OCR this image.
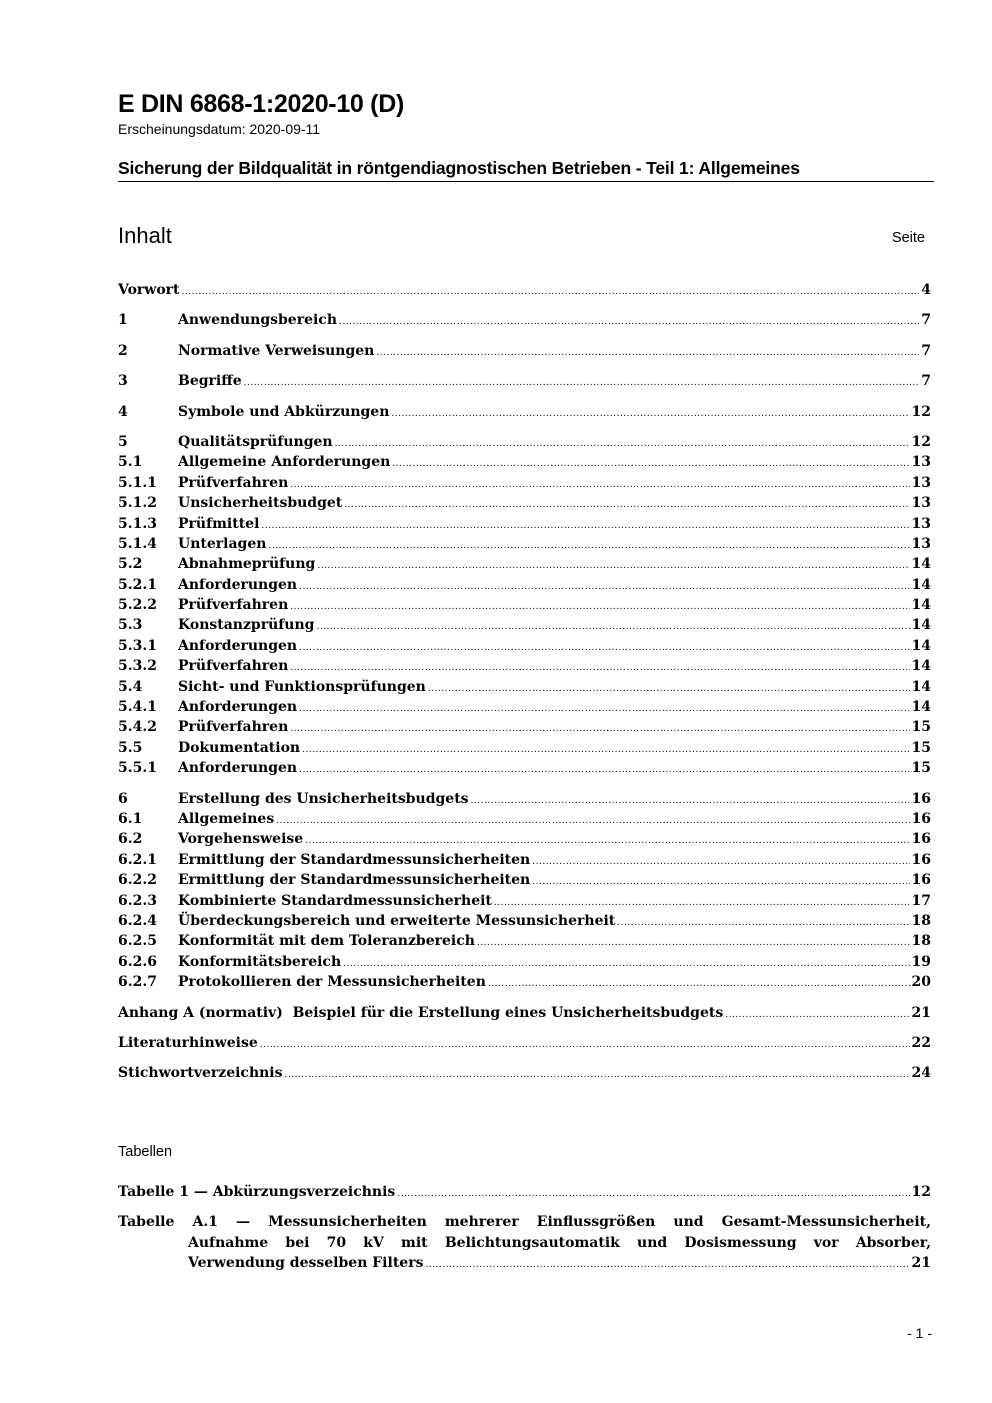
E DIN 6868-1:2020-10 (D)
Erscheinungsdatum: 2020-09-11
Sicherung der Bildqualität in röntgendiagnostischen Betrieben - Teil 1: Allgemeines
Inhalt	Seite
Vorwort .....	4
1	Anwendungsbereich .....	7
2	Normative Verweisungen .....	7
3	Begriffe .....	7
4	Symbole und Abkürzungen .....	12
5	Qualitätsprüfungen .....	12
5.1	Allgemeine Anforderungen .....	13
5.1.1	Prüfverfahren .....	13
5.1.2	Unsicherheitsbudget .....	13
5.1.3	Prüfmittel .....	13
5.1.4	Unterlagen .....	13
5.2	Abnahmeprüfung .....	14
5.2.1	Anforderungen .....	14
5.2.2	Prüfverfahren .....	14
5.3	Konstanzprüfung .....	14
5.3.1	Anforderungen .....	14
5.3.2	Prüfverfahren .....	14
5.4	Sicht- und Funktionsprüfungen .....	14
5.4.1	Anforderungen .....	14
5.4.2	Prüfverfahren .....	15
5.5	Dokumentation .....	15
5.5.1	Anforderungen .....	15
6	Erstellung des Unsicherheitsbudgets .....	16
6.1	Allgemeines .....	16
6.2	Vorgehensweise .....	16
6.2.1	Ermittlung der Standardmessunsicherheiten .....	16
6.2.2	Ermittlung der Standardmessunsicherheiten .....	16
6.2.3	Kombinierte Standardmessunsicherheit .....	17
6.2.4	Überdeckungsbereich und erweiterte Messunsicherheit .....	18
6.2.5	Konformität mit dem Toleranzbereich .....	18
6.2.6	Konformitätsbereich .....	19
6.2.7	Protokollieren der Messunsicherheiten .....	20
Anhang A (normativ)  Beispiel für die Erstellung eines Unsicherheitsbudgets .....	21
Literaturhinweise .....	22
Stichwortverzeichnis .....	24
Tabellen
Tabelle 1 — Abkürzungsverzeichnis .....	12
Tabelle A.1 — Messunsicherheiten mehrerer Einflussgrößen und Gesamt-Messunsicherheit,
Aufnahme bei 70 kV mit Belichtungsautomatik und Dosismessung vor Absorber,
Verwendung desselben Filters .....	21
- 1 -
